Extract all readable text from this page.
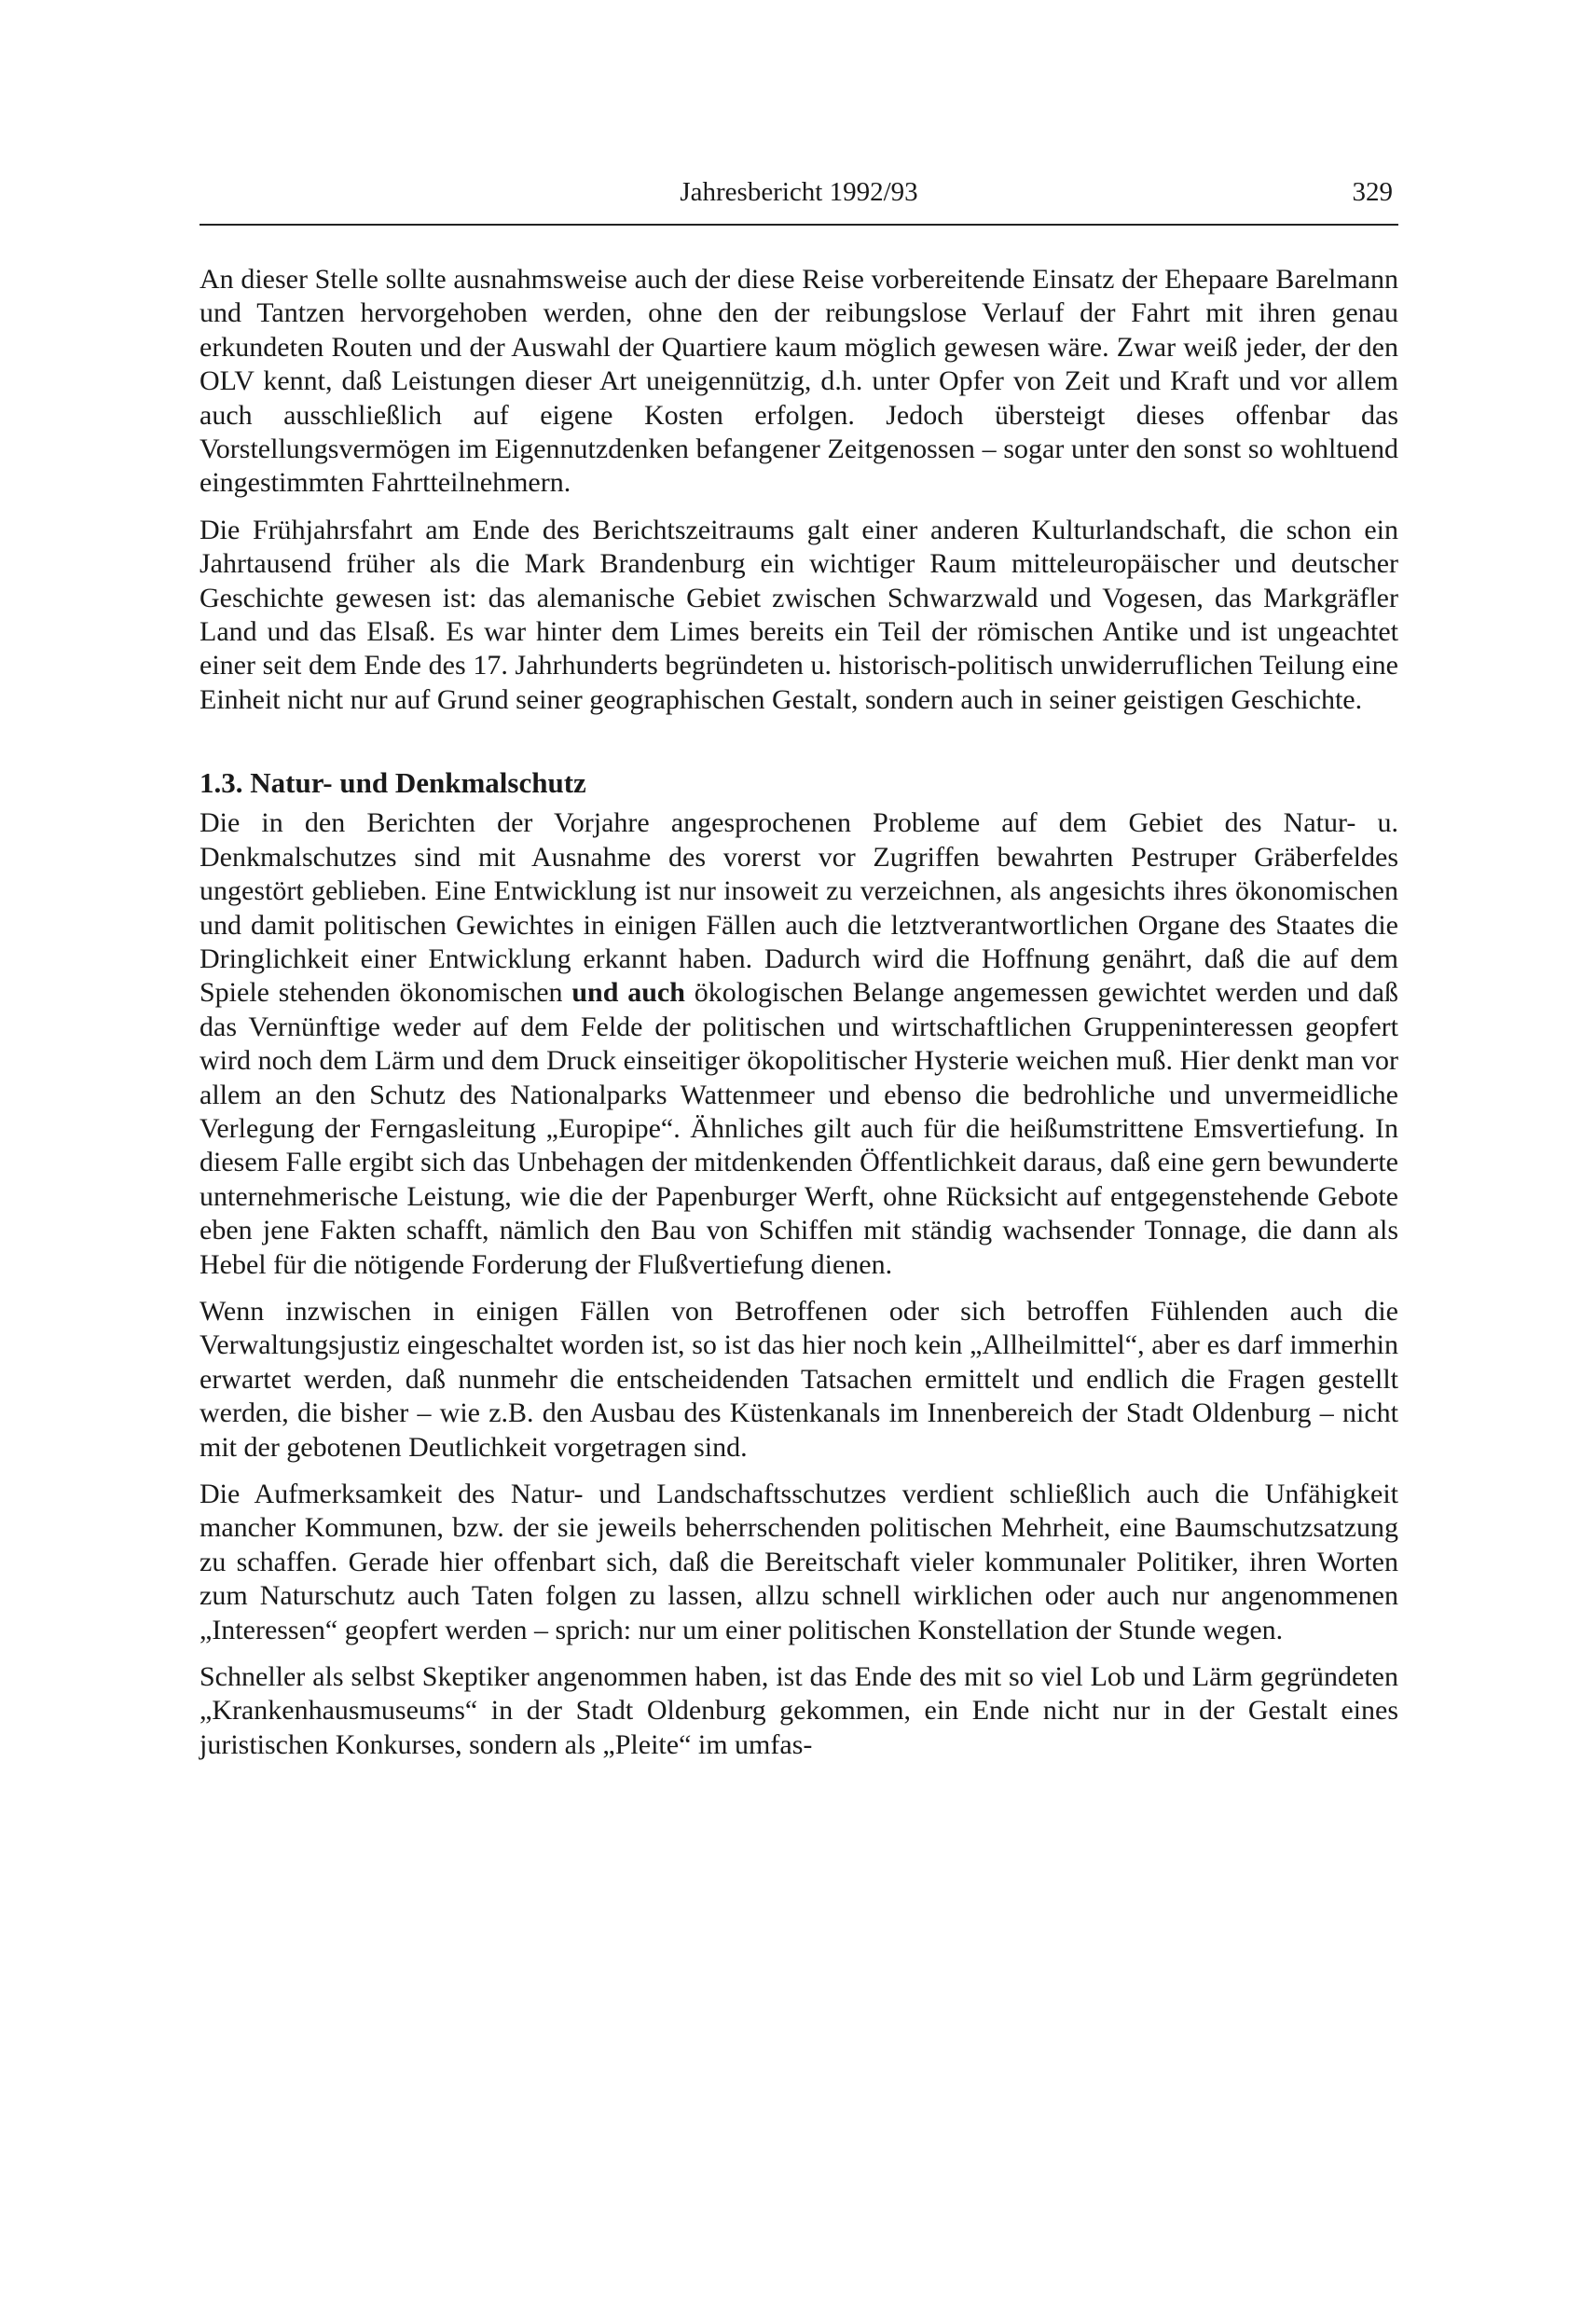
Jahresbericht 1992/93	329

An dieser Stelle sollte ausnahmsweise auch der diese Reise vorbereitende Einsatz der Ehepaare Barelmann und Tantzen hervorgehoben werden, ohne den der reibungslose Verlauf der Fahrt mit ihren genau erkundeten Routen und der Auswahl der Quartiere kaum möglich gewesen wäre. Zwar weiß jeder, der den OLV kennt, daß Leistungen dieser Art uneigennützig, d.h. unter Opfer von Zeit und Kraft und vor allem auch ausschließlich auf eigene Kosten erfolgen. Jedoch übersteigt dieses offenbar das Vorstellungsvermögen im Eigennutzdenken befangener Zeitgenossen – sogar unter den sonst so wohltuend eingestimmten Fahrtteilnehmern.

Die Frühjahrsfahrt am Ende des Berichtszeitraums galt einer anderen Kulturlandschaft, die schon ein Jahrtausend früher als die Mark Brandenburg ein wichtiger Raum mitteleuropäischer und deutscher Geschichte gewesen ist: das alemanische Gebiet zwischen Schwarzwald und Vogesen, das Markgräfler Land und das Elsaß. Es war hinter dem Limes bereits ein Teil der römischen Antike und ist ungeachtet einer seit dem Ende des 17. Jahrhunderts begründeten u. historisch-politisch unwiderruflichen Teilung eine Einheit nicht nur auf Grund seiner geographischen Gestalt, sondern auch in seiner geistigen Geschichte.

1.3. Natur- und Denkmalschutz

Die in den Berichten der Vorjahre angesprochenen Probleme auf dem Gebiet des Natur- u. Denkmalschutzes sind mit Ausnahme des vorerst vor Zugriffen bewahrten Pestruper Gräberfeldes ungestört geblieben. Eine Entwicklung ist nur insoweit zu verzeichnen, als angesichts ihres ökonomischen und damit politischen Gewichtes in einigen Fällen auch die letztverantwortlichen Organe des Staates die Dringlichkeit einer Entwicklung erkannt haben. Dadurch wird die Hoffnung genährt, daß die auf dem Spiele stehenden ökonomischen und auch ökologischen Belange angemessen gewichtet werden und daß das Vernünftige weder auf dem Felde der politischen und wirtschaftlichen Gruppeninteressen geopfert wird noch dem Lärm und dem Druck einseitiger ökopolitischer Hysterie weichen muß. Hier denkt man vor allem an den Schutz des Nationalparks Wattenmeer und ebenso die bedrohliche und unvermeidliche Verlegung der Ferngasleitung „Europipe“. Ähnliches gilt auch für die heißumstrittene Emsvertiefung. In diesem Falle ergibt sich das Unbehagen der mitdenkenden Öffentlichkeit daraus, daß eine gern bewunderte unternehmerische Leistung, wie die der Papenburger Werft, ohne Rücksicht auf entgegenstehende Gebote eben jene Fakten schafft, nämlich den Bau von Schiffen mit ständig wachsender Tonnage, die dann als Hebel für die nötigende Forderung der Flußvertiefung dienen.

Wenn inzwischen in einigen Fällen von Betroffenen oder sich betroffen Fühlenden auch die Verwaltungsjustiz eingeschaltet worden ist, so ist das hier noch kein „Allheilmittel“, aber es darf immerhin erwartet werden, daß nunmehr die entscheidenden Tatsachen ermittelt und endlich die Fragen gestellt werden, die bisher – wie z.B. den Ausbau des Küstenkanals im Innenbereich der Stadt Oldenburg – nicht mit der gebotenen Deutlichkeit vorgetragen sind.

Die Aufmerksamkeit des Natur- und Landschaftsschutzes verdient schließlich auch die Unfähigkeit mancher Kommunen, bzw. der sie jeweils beherrschenden politischen Mehrheit, eine Baumschutzsatzung zu schaffen. Gerade hier offenbart sich, daß die Bereitschaft vieler kommunaler Politiker, ihren Worten zum Naturschutz auch Taten folgen zu lassen, allzu schnell wirklichen oder auch nur angenommenen „Interessen“ geopfert werden – sprich: nur um einer politischen Konstellation der Stunde wegen.

Schneller als selbst Skeptiker angenommen haben, ist das Ende des mit so viel Lob und Lärm gegründeten „Krankenhausmuseums“ in der Stadt Oldenburg gekommen, ein Ende nicht nur in der Gestalt eines juristischen Konkurses, sondern als „Pleite“ im umfas-
